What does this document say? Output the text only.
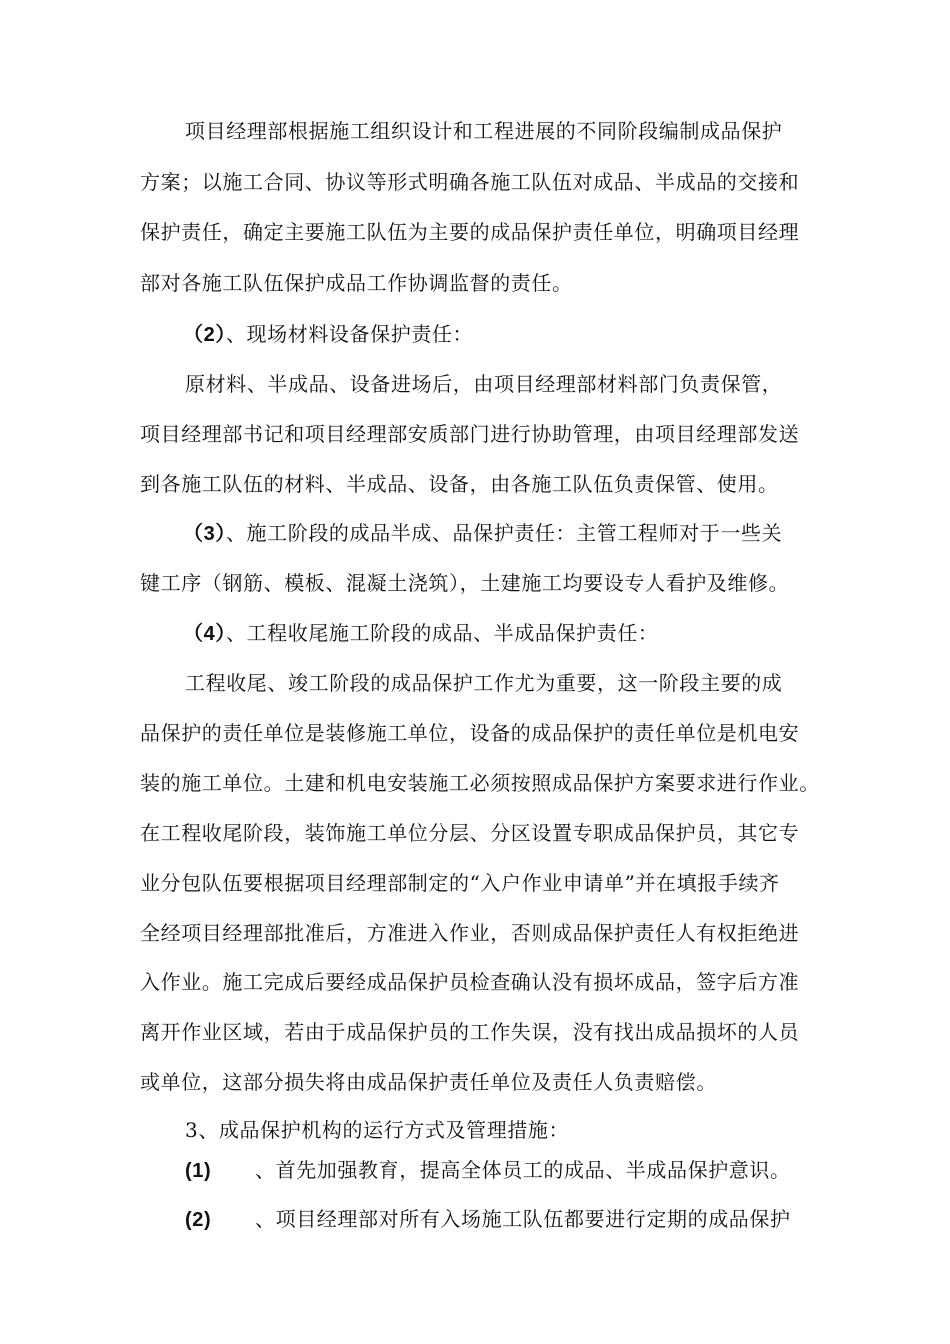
项目经理部根据施工组织设计和工程进展的不同阶段编制成品保护
方案；以施工合同、协议等形式明确各施工队伍对成品、半成品的交接和
保护责任，确定主要施工队伍为主要的成品保护责任单位，明确项目经理
部对各施工队伍保护成品工作协调监督的责任。
（2）、现场材料设备保护责任：
原材料、半成品、设备进场后，由项目经理部材料部门负责保管，
项目经理部书记和项目经理部安质部门进行协助管理，由项目经理部发送
到各施工队伍的材料、半成品、设备，由各施工队伍负责保管、使用。
（3）、施工阶段的成品半成、品保护责任：主管工程师对于一些关
键工序（钢筋、模板、混凝土浇筑），土建施工均要设专人看护及维修。
（4）、工程收尾施工阶段的成品、半成品保护责任：
工程收尾、竣工阶段的成品保护工作尤为重要，这一阶段主要的成
品保护的责任单位是装修施工单位，设备的成品保护的责任单位是机电安
装的施工单位。土建和机电安装施工必须按照成品保护方案要求进行作业。
在工程收尾阶段，装饰施工单位分层、分区设置专职成品保护员，其它专
业分包队伍要根据项目经理部制定的“入户作业申请单”并在填报手续齐
全经项目经理部批准后，方准进入作业，否则成品保护责任人有权拒绝进
入作业。施工完成后要经成品保护员检查确认没有损坏成品，签字后方准
离开作业区域，若由于成品保护员的工作失误，没有找出成品损坏的人员
或单位，这部分损失将由成品保护责任单位及责任人负责赔偿。
3、成品保护机构的运行方式及管理措施：
(1) 、首先加强教育，提高全体员工的成品、半成品保护意识。
(2) 、项目经理部对所有入场施工队伍都要进行定期的成品保护
